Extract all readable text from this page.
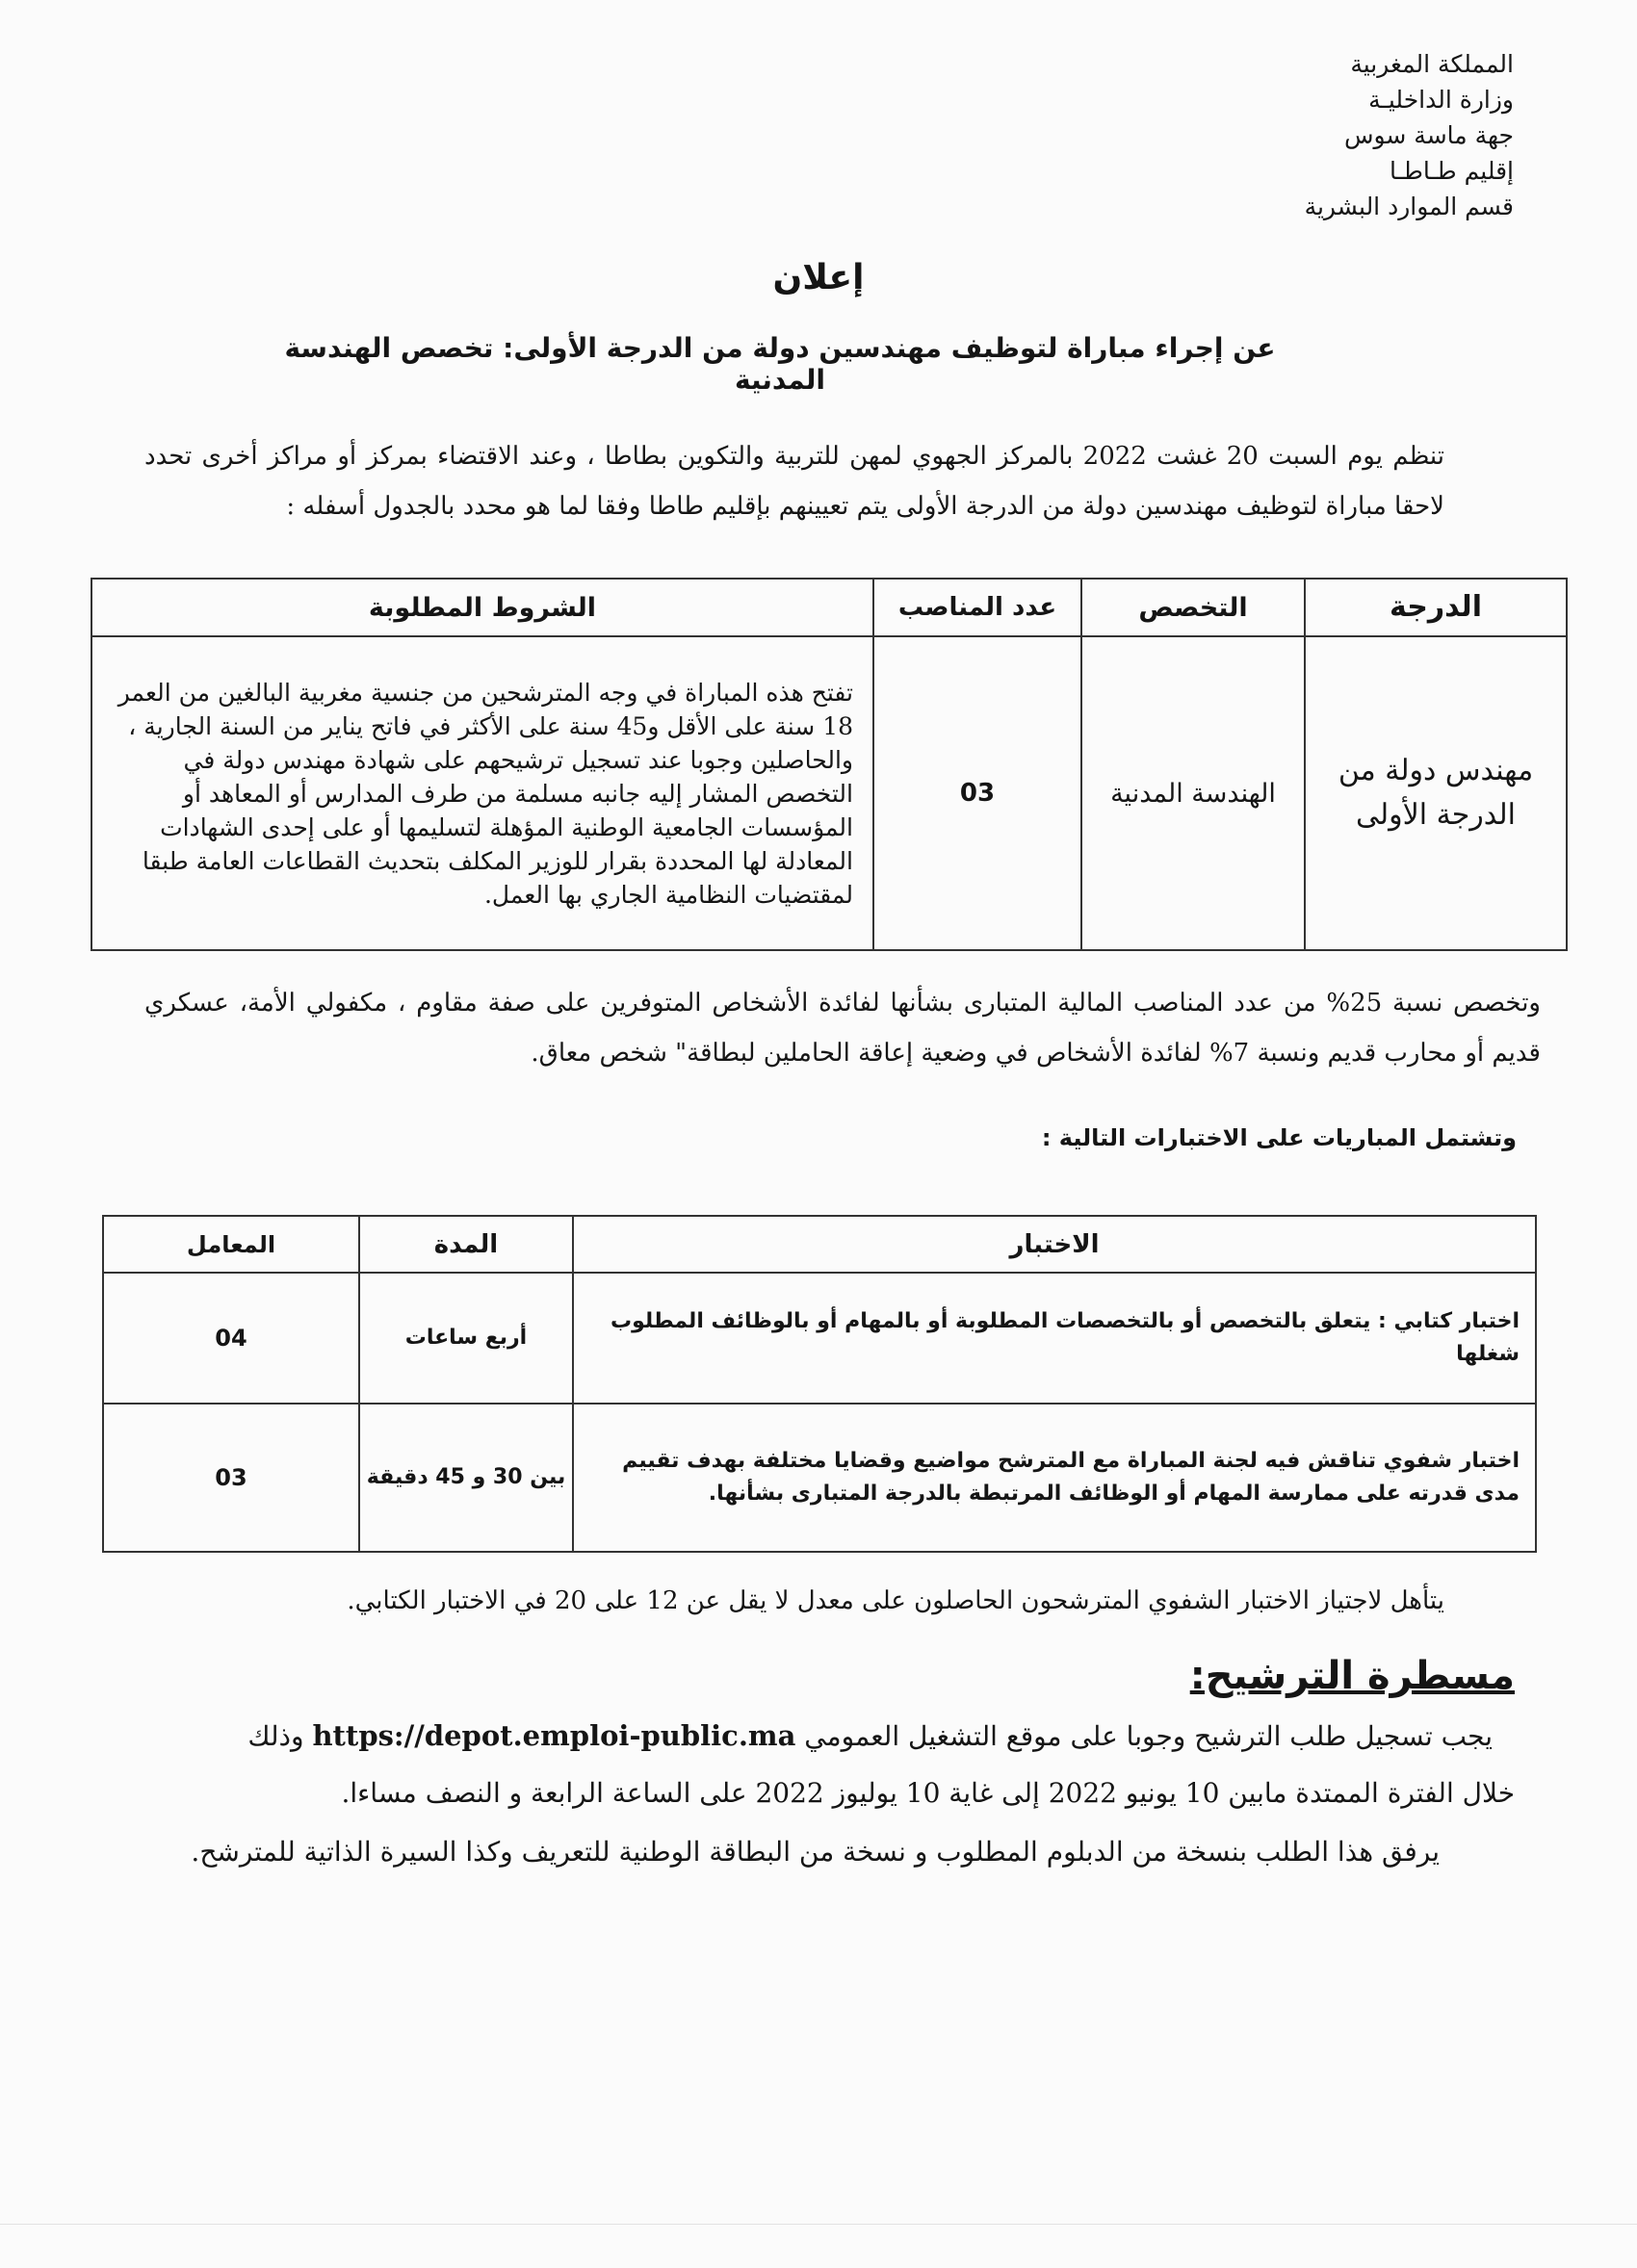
المملكة المغربية
وزارة الداخليـة
جهة ماسة سوس
إقليم طـاطـا
قسم الموارد البشرية
إعلان
عن إجراء مباراة لتوظيف مهندسين دولة من الدرجة الأولى: تخصص الهندسة المدنية
تنظم يوم السبت 20 غشت 2022 بالمركز الجهوي لمهن للتربية والتكوين بطاطا ، وعند الاقتضاء بمركز أو مراكز أخرى تحدد لاحقا مباراة لتوظيف مهندسين دولة من الدرجة الأولى يتم تعيينهم بإقليم طاطا وفقا لما هو محدد بالجدول أسفله :
الدرجة	التخصص	عدد المناصب	الشروط المطلوبة
مهندس دولة من الدرجة الأولى	الهندسة المدنية	03	تفتح هذه المباراة في وجه المترشحين من جنسية مغربية البالغين من العمر 18 سنة على الأقل و45 سنة على الأكثر في فاتح يناير من السنة الجارية ، والحاصلين وجوبا عند تسجيل ترشيحهم على شهادة مهندس دولة في التخصص المشار إليه جانبه مسلمة من طرف المدارس أو المعاهد أو المؤسسات الجامعية الوطنية المؤهلة لتسليمها أو على إحدى الشهادات المعادلة لها المحددة بقرار للوزير المكلف بتحديث القطاعات العامة طبقا لمقتضيات النظامية الجاري بها العمل.
وتخصص نسبة 25% من عدد المناصب المالية المتبارى بشأنها لفائدة الأشخاص المتوفرين على صفة مقاوم ، مكفولي الأمة، عسكري قديم أو محارب قديم ونسبة 7% لفائدة الأشخاص في وضعية إعاقة الحاملين لبطاقة" شخص معاق.
وتشتمل المباريات على الاختبارات التالية :
الاختبار	المدة	المعامل
اختبار كتابي : يتعلق بالتخصص أو بالتخصصات المطلوبة أو بالمهام أو بالوظائف المطلوب شغلها	أربع ساعات	04
اختبار شفوي تناقش فيه لجنة المباراة مع المترشح مواضيع وقضايا مختلفة بهدف تقييم مدى قدرته على ممارسة المهام أو الوظائف المرتبطة بالدرجة المتبارى بشأنها.	بين 30 و 45 دقيقة	03
يتأهل لاجتياز الاختبار الشفوي المترشحون الحاصلون على معدل لا يقل عن 12 على 20 في الاختبار الكتابي.
مسطرة الترشيح:
يجب تسجيل طلب الترشيح وجوبا على موقع التشغيل العمومي https://depot.emploi-public.ma وذلك
خلال الفترة الممتدة مابين 10 يونيو 2022 إلى غاية 10 يوليوز 2022 على الساعة الرابعة و النصف مساءا.
يرفق هذا الطلب بنسخة من الدبلوم المطلوب و نسخة من البطاقة الوطنية للتعريف وكذا السيرة الذاتية للمترشح.
